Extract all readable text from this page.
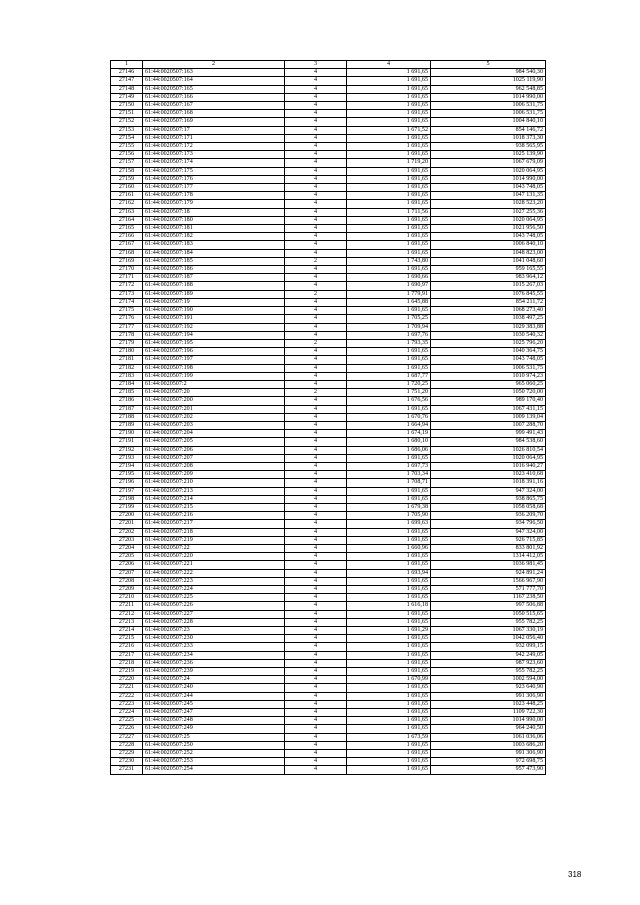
1	2	3	4	5
27146	61:44:0020507:163	4	1 691,65	984 540,30
27147	61:44:0020507:164	4	1 691,65	1025 119,90
27148	61:44:0020507:165	4	1 691,65	962 548,85
27149	61:44:0020507:166	4	1 691,65	1014 990,00
27150	61:44:0020507:167	4	1 691,65	1006 531,75
27151	61:44:0020507:168	4	1 691,65	1006 531,75
27152	61:44:0020507:169	4	1 691,65	1004 840,10
27153	61:44:0020507:17	4	1 671,52	854 146,72
27154	61:44:0020507:171	4	1 691,65	1018 373,30
27155	61:44:0020507:172	4	1 691,65	938 565,95
27156	61:44:0020507:173	4	1 691,65	1025 139,90
27157	61:44:0020507:174	4	1 719,20	1067 679,09
27158	61:44:0020507:175	4	1 691,65	1020 064,95
27159	61:44:0020507:176	4	1 691,65	1014 990,00
27160	61:44:0020507:177	4	1 691,65	1043 748,05
27161	61:44:0020507:178	4	1 691,65	1047 131,35
27162	61:44:0020507:179	4	1 691,65	1028 523,20
27163	61:44:0020507:18	4	1 711,56	1027 255,36
27164	61:44:0020507:180	4	1 691,65	1020 064,95
27165	61:44:0020507:181	4	1 691,65	1021 956,50
27166	61:44:0020507:182	4	1 691,65	1043 748,05
27167	61:44:0020507:183	4	1 691,65	1006 840,10
27168	61:44:0020507:184	4	1 691,65	1048 823,00
27169	61:44:0020507:185	2	1 743,80	1041 048,60
27170	61:44:0020507:186	4	1 691,65	959 165,55
27171	61:44:0020507:187	4	1 690,66	983 964,12
27172	61:44:0020507:188	4	1 690,97	1015 267,03
27173	61:44:0020507:189	2	1 779,91	1076 845,55
27174	61:44:0020507:19	4	1 645,88	854 211,72
27175	61:44:0020507:190	4	1 691,65	1068 273,40
27176	61:44:0020507:191	4	1 705,25	1038 497,25
27177	61:44:0020507:192	4	1 709,94	1029 383,88
27178	61:44:0020507:194	4	1 697,76	1030 540,32
27179	61:44:0020507:195	2	1 793,35	1025 796,20
27180	61:44:0020507:196	4	1 691,65	1040 364,75
27181	61:44:0020507:197	4	1 691,65	1043 748,05
27182	61:44:0020507:198	4	1 691,65	1006 531,75
27183	61:44:0020507:199	4	1 687,77	1010 974,23
27184	61:44:0020507:2	4	1 720,25	965 060,25
27185	61:44:0020507:20	2	1 751,20	1050 720,00
27186	61:44:0020507:200	4	1 676,56	989 170,40
27187	61:44:0020507:201	4	1 691,65	1067 431,15
27188	61:44:0020507:202	4	1 670,76	1009 139,04
27189	61:44:0020507:203	4	1 664,94	1007 288,70
27190	61:44:0020507:204	4	1 674,19	999 491,43
27191	61:44:0020507:205	4	1 680,10	984 538,60
27192	61:44:0020507:206	4	1 686,06	1026 810,54
27193	61:44:0020507:207	4	1 691,65	1020 064,95
27194	61:44:0020507:208	4	1 697,73	1016 940,27
27195	61:44:0020507:209	4	1 703,34	1023 410,68
27196	61:44:0020507:210	4	1 708,71	1018 391,16
27197	61:44:0020507:213	4	1 691,65	947 324,00
27198	61:44:0020507:214	4	1 691,65	938 865,75
27199	61:44:0020507:215	4	1 679,38	1058 058,68
27200	61:44:0020507:216	4	1 705,90	936 209,70
27201	61:44:0020507:217	4	1 699,63	934 796,50
27202	61:44:0020507:218	4	1 691,65	947 324,00
27203	61:44:0020507:219	4	1 691,65	926 715,85
27204	61:44:0020507:22	4	1 660,96	833 801,92
27205	61:44:0020507:220	4	1 691,65	1314 412,05
27206	61:44:0020507:221	4	1 691,65	1036 981,45
27207	61:44:0020507:222	4	1 693,94	924 891,24
27208	61:44:0020507:223	4	1 691,65	1566 967,90
27209	61:44:0020507:224	4	1 691,65	571 777,70
27210	61:44:0020507:225	4	1 691,65	1167 238,50
27211	61:44:0020507:226	4	1 616,18	997 506,88
27212	61:44:0020507:227	4	1 691,65	1050 515,65
27213	61:44:0020507:228	4	1 691,65	955 782,25
27214	61:44:0020507:23	4	1 691,29	1067 330,19
27215	61:44:0020507:230	4	1 691,65	1042 056,40
27216	61:44:0020507:233	4	1 691,65	932 099,15
27217	61:44:0020507:234	4	1 691,65	942 249,05
27218	61:44:0020507:236	4	1 691,65	987 923,60
27219	61:44:0020507:239	4	1 691,65	955 782,25
27220	61:44:0020507:24	4	1 670,99	1002 594,00
27221	61:44:0020507:240	4	1 691,65	923 640,90
27222	61:44:0020507:244	4	1 691,65	991 306,90
27223	61:44:0020507:245	4	1 691,65	1023 448,25
27224	61:44:0020507:247	4	1 691,65	1109 722,30
27225	61:44:0020507:248	4	1 691,65	1014 990,00
27226	61:44:0020507:249	4	1 691,65	964 240,50
27227	61:44:0020507:25	4	1 673,59	1061 036,06
27228	61:44:0020507:250	4	1 691,65	1003 686,20
27229	61:44:0020507:252	4	1 691,65	991 306,90
27230	61:44:0020507:253	4	1 691,65	972 698,75
27231	61:44:0020507:254	4	1 691,65	957 473,90
318
